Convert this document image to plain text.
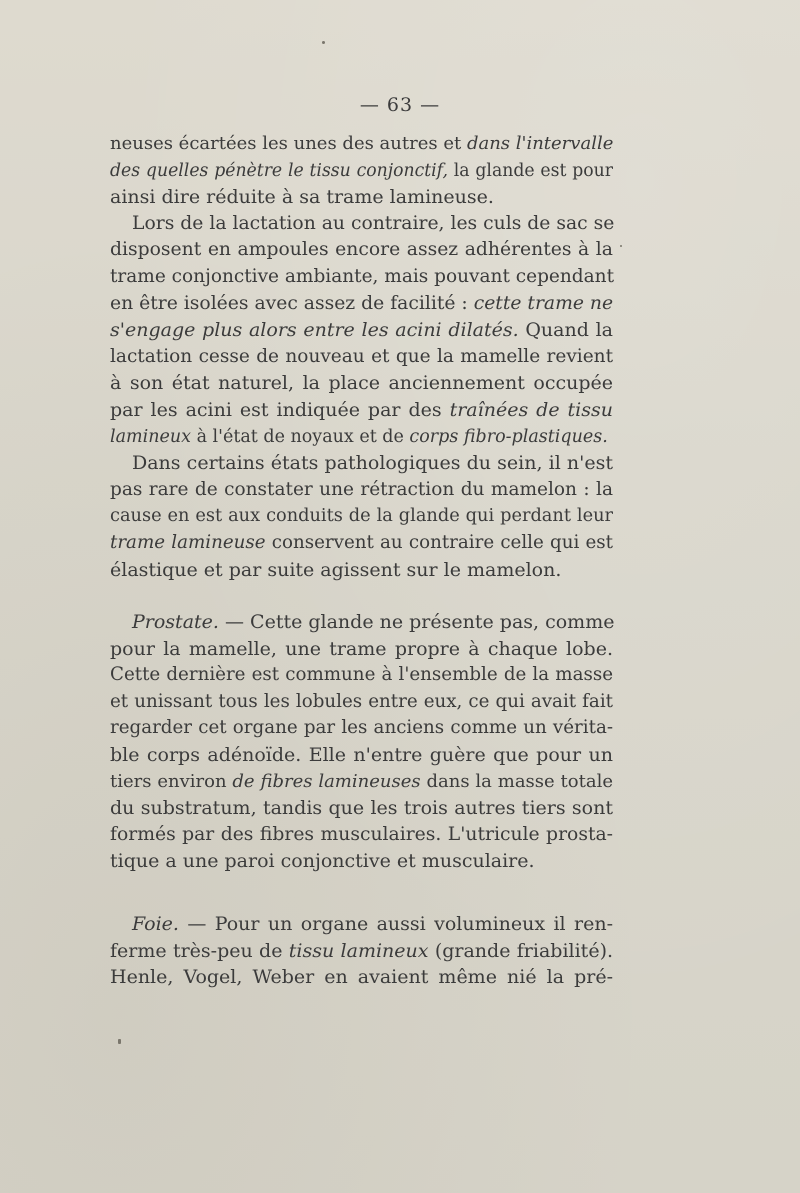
— 63 —
neuses écartées les unes des autres et dans l'intervalle
des quelles pénètre le tissu conjonctif, la glande est pour
ainsi dire réduite à sa trame lamineuse.
Lors de la lactation au contraire, les culs de sac se
disposent en ampoules encore assez adhérentes à la
trame conjonctive ambiante, mais pouvant cependant
en être isolées avec assez de facilité : cette trame ne
s'engage plus alors entre les acini dilatés. Quand la
lactation cesse de nouveau et que la mamelle revient
à son état naturel, la place anciennement occupée
par les acini est indiquée par des traînées de tissu
lamineux à l'état de noyaux et de corps fibro-plastiques.
Dans certains états pathologiques du sein, il n'est
pas rare de constater une rétraction du mamelon : la
cause en est aux conduits de la glande qui perdant leur
trame lamineuse conservent au contraire celle qui est
élastique et par suite agissent sur le mamelon.
Prostate. — Cette glande ne présente pas, comme
pour la mamelle, une trame propre à chaque lobe.
Cette dernière est commune à l'ensemble de la masse
et unissant tous les lobules entre eux, ce qui avait fait
regarder cet organe par les anciens comme un vérita-
ble corps adénoïde. Elle n'entre guère que pour un
tiers environ de fibres lamineuses dans la masse totale
du substratum, tandis que les trois autres tiers sont
formés par des fibres musculaires. L'utricule prosta-
tique a une paroi conjonctive et musculaire.
Foie. — Pour un organe aussi volumineux il ren-
ferme très-peu de tissu lamineux (grande friabilité).
Henle, Vogel, Weber en avaient même nié la pré-
